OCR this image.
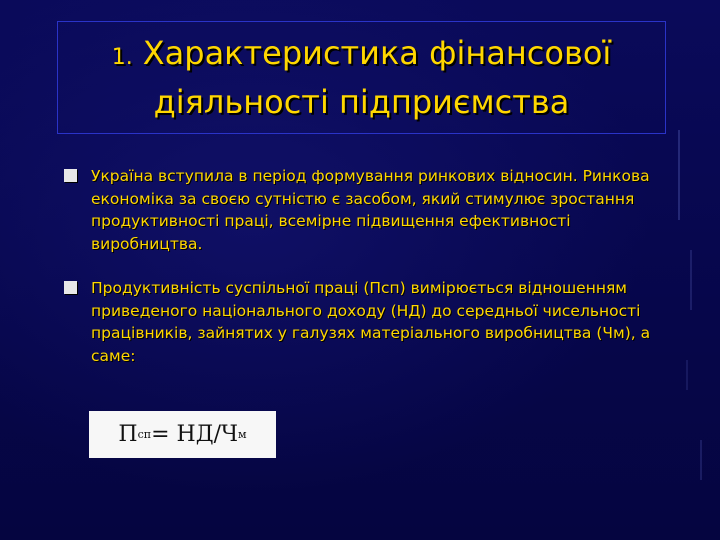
1. Характеристика фінансової
діяльності підприємства
Україна вступила в період формування ринкових відносин. Ринкова економіка за своєю сутністю є засобом, який стимулює зростання продуктивності праці, всемірне підвищення ефективності виробництва.
Продуктивність суспільної праці (Псп) вимірюється відношенням приведеного національного доходу (НД) до середньої чисельності працівників, зайнятих у галузях матеріального виробництва (Чм), а саме:
П сп = НД/Ч м
